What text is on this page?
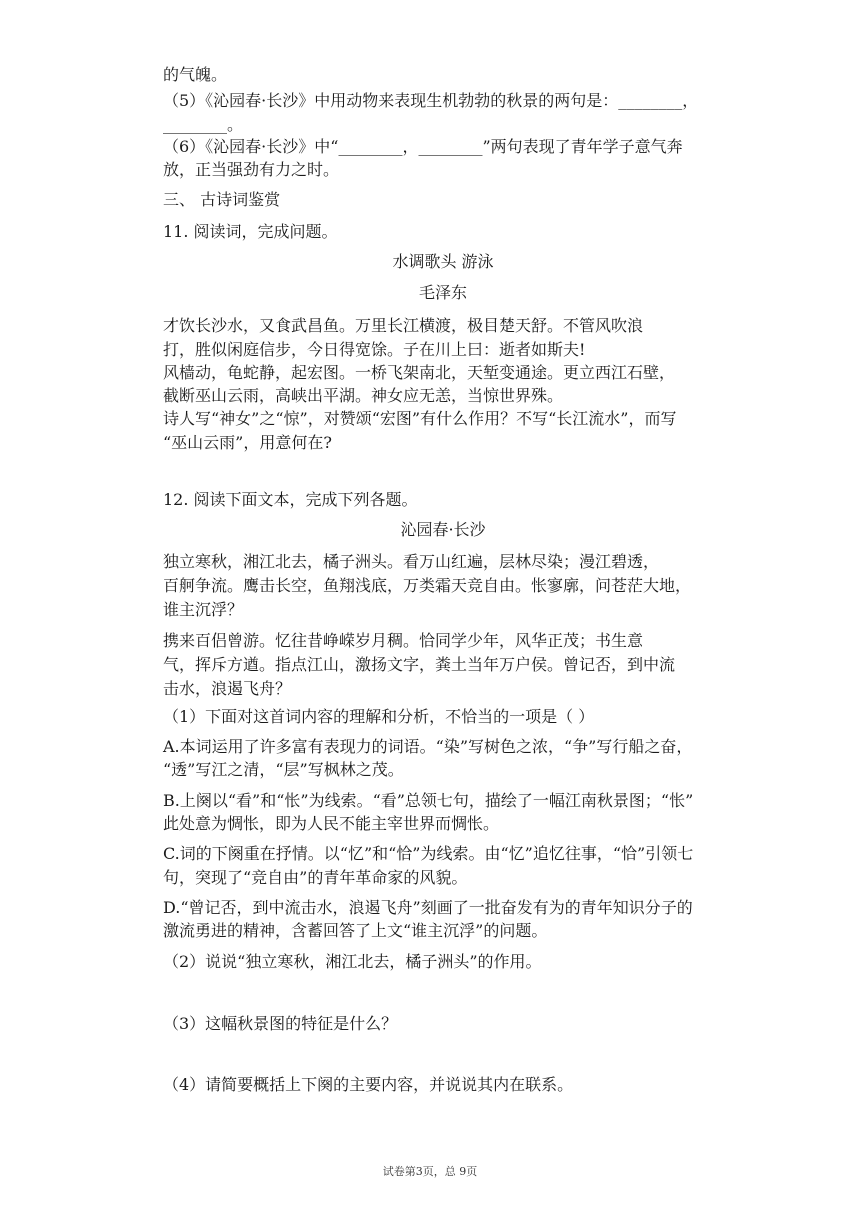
的气魄。
（5）《沁园春·长沙》中用动物来表现生机勃勃的秋景的两句是：________，
________。
（6）《沁园春·长沙》中“________，________”两句表现了青年学子意气奔
放，正当强劲有力之时。
三、 古诗词鉴赏
11. 阅读词，完成问题。
水调歌头 游泳
毛泽东
才饮长沙水，又食武昌鱼。万里长江横渡，极目楚天舒。不管风吹浪
打，胜似闲庭信步，今日得宽馀。子在川上曰：逝者如斯夫!
风樯动，龟蛇静，起宏图。一桥飞架南北，天堑变通途。更立西江石壁，
截断巫山云雨，高峡出平湖。神女应无恙，当惊世界殊。
诗人写“神女”之“惊”，对赞颂“宏图”有什么作用？不写“长江流水”，而写
“巫山云雨”，用意何在?
12. 阅读下面文本，完成下列各题。
沁园春·长沙
独立寒秋，湘江北去，橘子洲头。看万山红遍，层林尽染；漫江碧透，
百舸争流。鹰击长空，鱼翔浅底，万类霜天竞自由。怅寥廓，问苍茫大地，
谁主沉浮？
携来百侣曾游。忆往昔峥嵘岁月稠。恰同学少年，风华正茂；书生意
气，挥斥方遒。指点江山，激扬文字，粪土当年万户侯。曾记否，到中流
击水，浪遏飞舟？
（1）下面对这首词内容的理解和分析，不恰当的一项是（ ）
A.本词运用了许多富有表现力的词语。“染”写树色之浓，“争”写行船之奋，
“透”写江之清，“层”写枫林之茂。
B.上阕以“看”和“怅”为线索。“看”总领七句，描绘了一幅江南秋景图；“怅”
此处意为惆怅，即为人民不能主宰世界而惆怅。
C.词的下阕重在抒情。以“忆”和“恰”为线索。由“忆”追忆往事，“恰”引领七
句，突现了“竞自由”的青年革命家的风貌。
D.“曾记否，到中流击水，浪遏飞舟”刻画了一批奋发有为的青年知识分子的
激流勇进的精神，含蓄回答了上文“谁主沉浮”的问题。
（2）说说“独立寒秋，湘江北去，橘子洲头”的作用。
（3）这幅秋景图的特征是什么？
（4）请简要概括上下阕的主要内容，并说说其内在联系。
试卷第3页，总 9页
